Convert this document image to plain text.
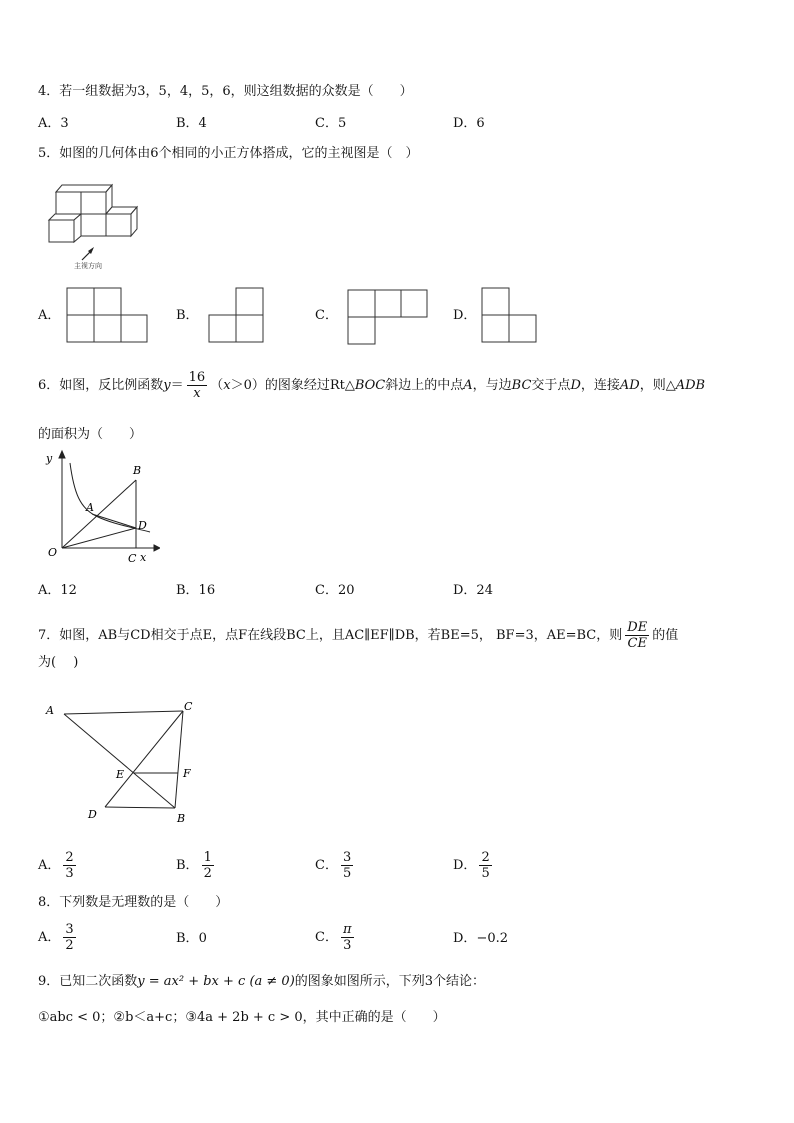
4．若一组数据为3，5，4，5，6，则这组数据的众数是（　　）
A．3	B．4	C．5	D．6
5．如图的几何体由6个相同的小正方体搭成，它的主视图是（　）
主视方向
A．	B．	C．	D．
6．如图，反比例函数$y= \frac{16}{x} (x>0)$的图象经过Rt△BOC斜边上的中点A，与边BC交于点D，连接AD，则△ADB
的面积为（　　）
y
x
O
A
B
C
D
A．12	B．16	C．20	D．24
7．如图，AB与CD相交于点E，点F在线段BC上，且AC∥EF∥DB，若BE=5， BF=3，AE=BC，则 $\frac{DE}{CE}$ 的值
为(　 )
A	C
E	F
D	B
A． $\frac{2}{3}$	B． $\frac{1}{2}$	C． $\frac{3}{5}$	D． $\frac{2}{5}$
8．下列数是无理数的是（　　）
A． $\frac{3}{2}$	B．0	C． $\frac{\pi}{3}$	D．−0.2
9．已知二次函数y = ax² + bx + c (a ≠ 0)的图象如图所示，下列3个结论：
①abc < 0；②b＜a+c；③4a + 2b + c > 0，其中正确的是（　　）
